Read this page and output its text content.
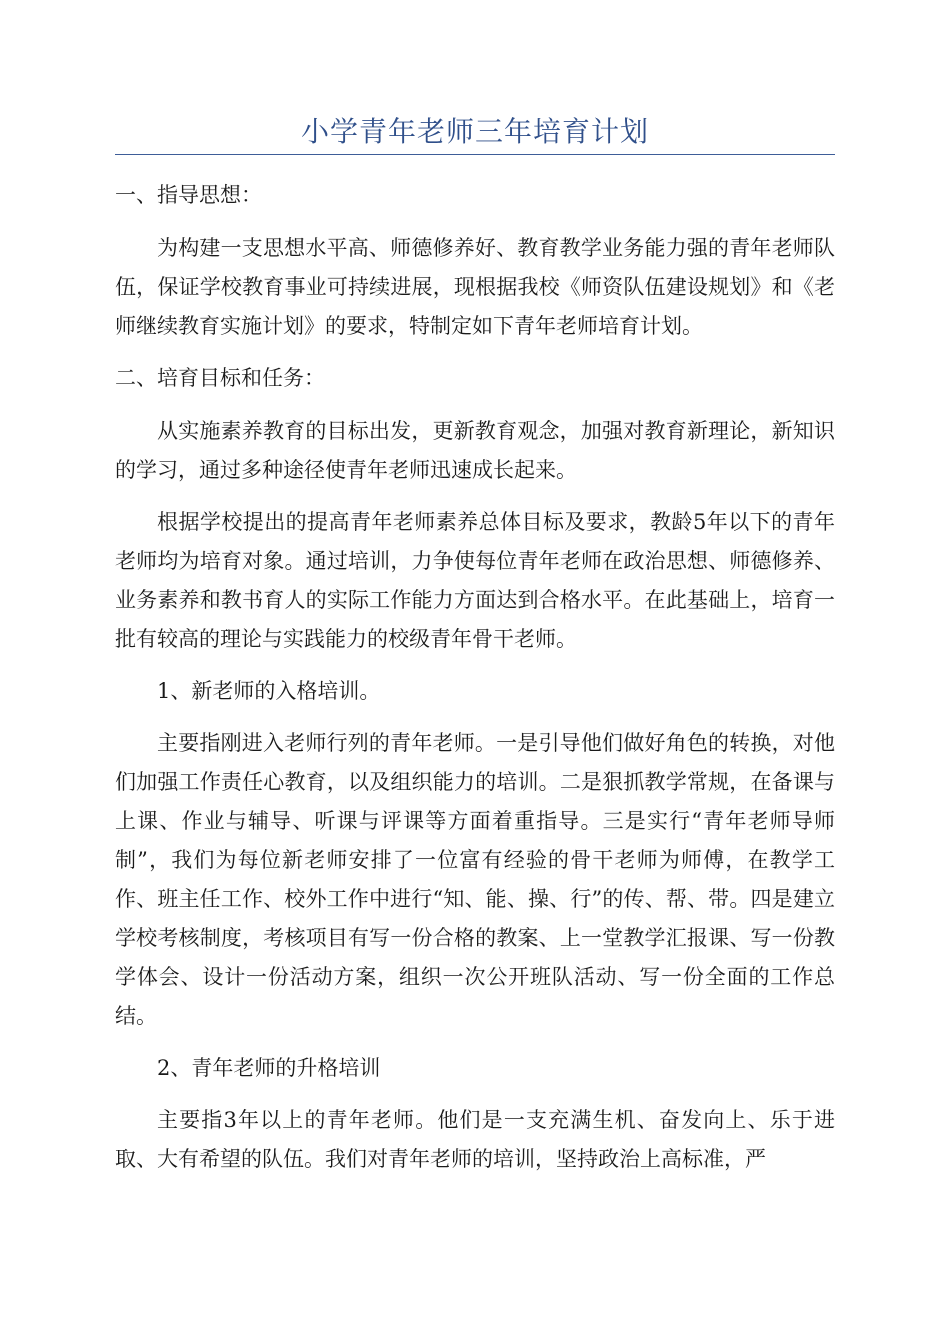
小学青年老师三年培育计划

一、指导思想：

为构建一支思想水平高、师德修养好、教育教学业务能力强的青年老师队伍，保证学校教育事业可持续进展，现根据我校《师资队伍建设规划》和《老师继续教育实施计划》的要求，特制定如下青年老师培育计划。

二、培育目标和任务：

从实施素养教育的目标出发，更新教育观念，加强对教育新理论，新知识的学习，通过多种途径使青年老师迅速成长起来。

根据学校提出的提高青年老师素养总体目标及要求，教龄5年以下的青年老师均为培育对象。通过培训，力争使每位青年老师在政治思想、师德修养、业务素养和教书育人的实际工作能力方面达到合格水平。在此基础上，培育一批有较高的理论与实践能力的校级青年骨干老师。

1、新老师的入格培训。

主要指刚进入老师行列的青年老师。一是引导他们做好角色的转换，对他们加强工作责任心教育，以及组织能力的培训。二是狠抓教学常规，在备课与上课、作业与辅导、听课与评课等方面着重指导。三是实行“青年老师导师制”，我们为每位新老师安排了一位富有经验的骨干老师为师傅，在教学工作、班主任工作、校外工作中进行“知、能、操、行”的传、帮、带。四是建立学校考核制度，考核项目有写一份合格的教案、上一堂教学汇报课、写一份教学体会、设计一份活动方案，组织一次公开班队活动、写一份全面的工作总结。

2、青年老师的升格培训

主要指3年以上的青年老师。他们是一支充满生机、奋发向上、乐于进取、大有希望的队伍。我们对青年老师的培训，坚持政治上高标准，严
